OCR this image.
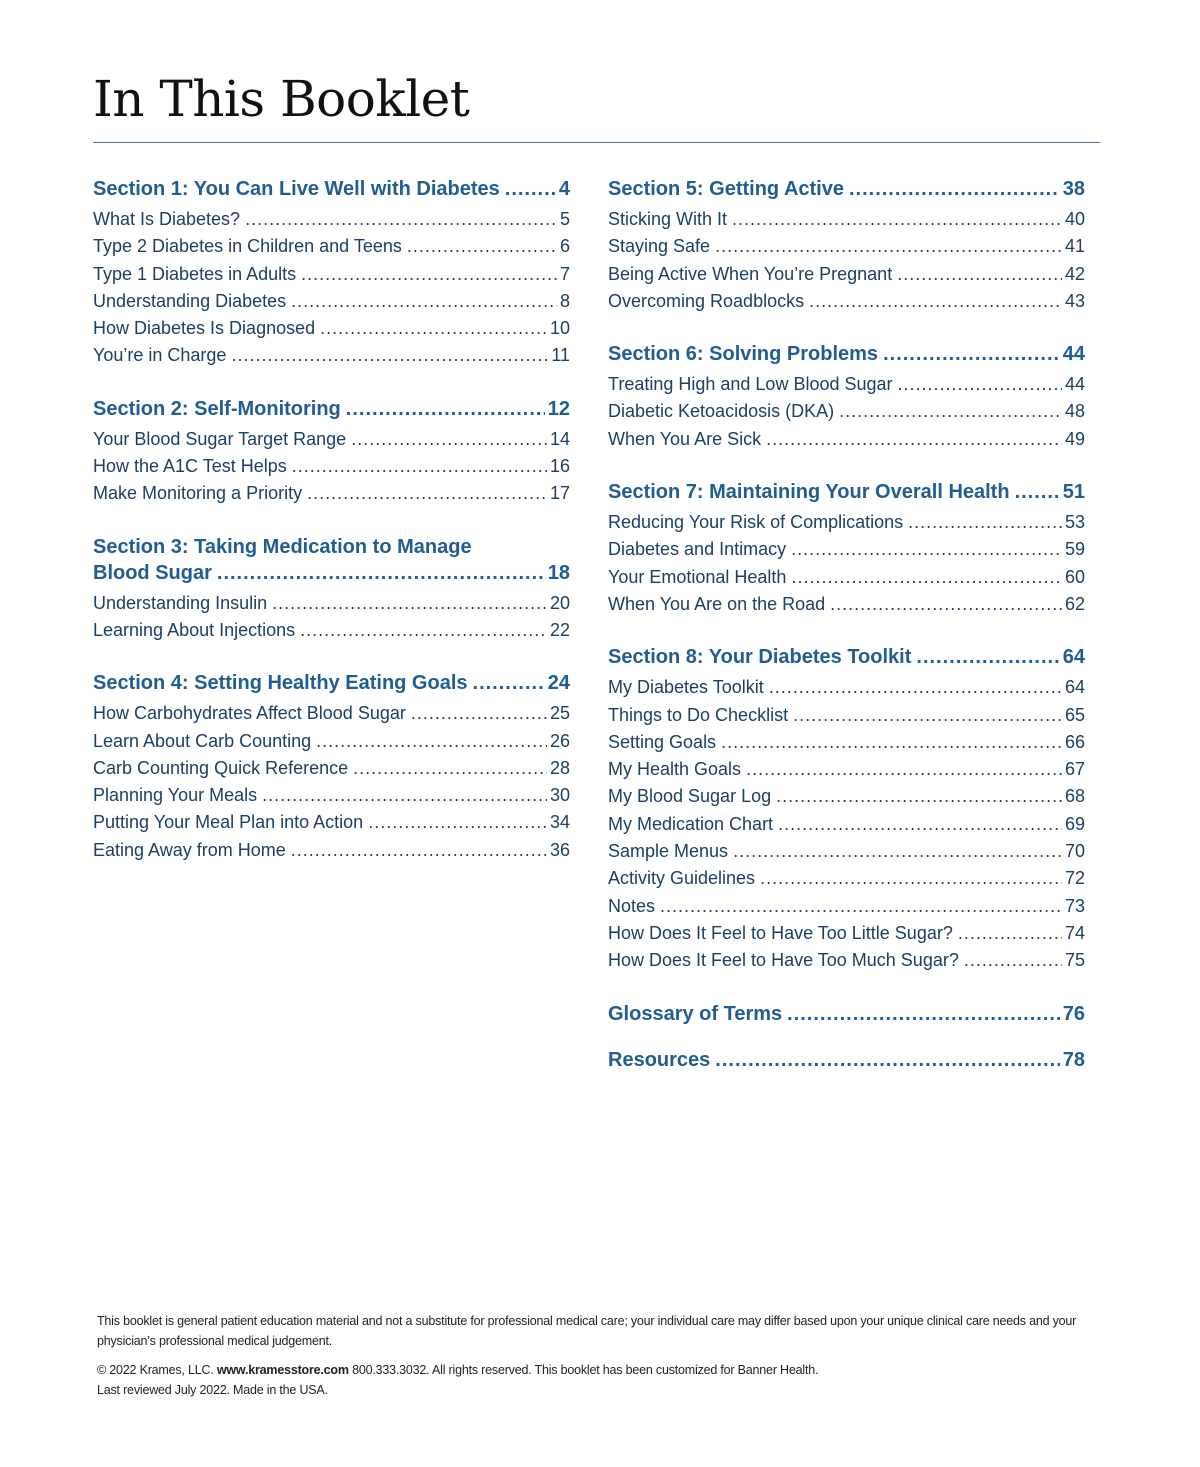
In This Booklet
Section 1: You Can Live Well with Diabetes .....	4
What Is Diabetes? .....	5
Type 2 Diabetes in Children and Teens .....	6
Type 1 Diabetes in Adults .....	7
Understanding Diabetes .....	8
How Diabetes Is Diagnosed .....	10
You’re in Charge .....	11
Section 2: Self-Monitoring .....	12
Your Blood Sugar Target Range .....	14
How the A1C Test Helps .....	16
Make Monitoring a Priority .....	17
Section 3: Taking Medication to Manage
Blood Sugar .....	18
Understanding Insulin .....	20
Learning About Injections .....	22
Section 4: Setting Healthy Eating Goals .....	24
How Carbohydrates Affect Blood Sugar .....	25
Learn About Carb Counting .....	26
Carb Counting Quick Reference .....	28
Planning Your Meals .....	30
Putting Your Meal Plan into Action .....	34
Eating Away from Home .....	36
Section 5: Getting Active .....	38
Sticking With It .....	40
Staying Safe .....	41
Being Active When You’re Pregnant .....	42
Overcoming Roadblocks .....	43
Section 6: Solving Problems .....	44
Treating High and Low Blood Sugar .....	44
Diabetic Ketoacidosis (DKA) .....	48
When You Are Sick .....	49
Section 7: Maintaining Your Overall Health .....	51
Reducing Your Risk of Complications .....	53
Diabetes and Intimacy .....	59
Your Emotional Health .....	60
When You Are on the Road .....	62
Section 8: Your Diabetes Toolkit .....	64
My Diabetes Toolkit .....	64
Things to Do Checklist .....	65
Setting Goals .....	66
My Health Goals .....	67
My Blood Sugar Log .....	68
My Medication Chart .....	69
Sample Menus .....	70
Activity Guidelines .....	72
Notes .....	73
How Does It Feel to Have Too Little Sugar? .....	74
How Does It Feel to Have Too Much Sugar? .....	75
Glossary of Terms .....	76
Resources .....	78

This booklet is general patient education material and not a substitute for professional medical care; your individual care may differ based upon your unique clinical care needs and your physician’s professional medical judgement.

© 2022 Krames, LLC. www.kramesstore.com 800.333.3032. All rights reserved. This booklet has been customized for Banner Health.

Last reviewed July 2022. Made in the USA.
